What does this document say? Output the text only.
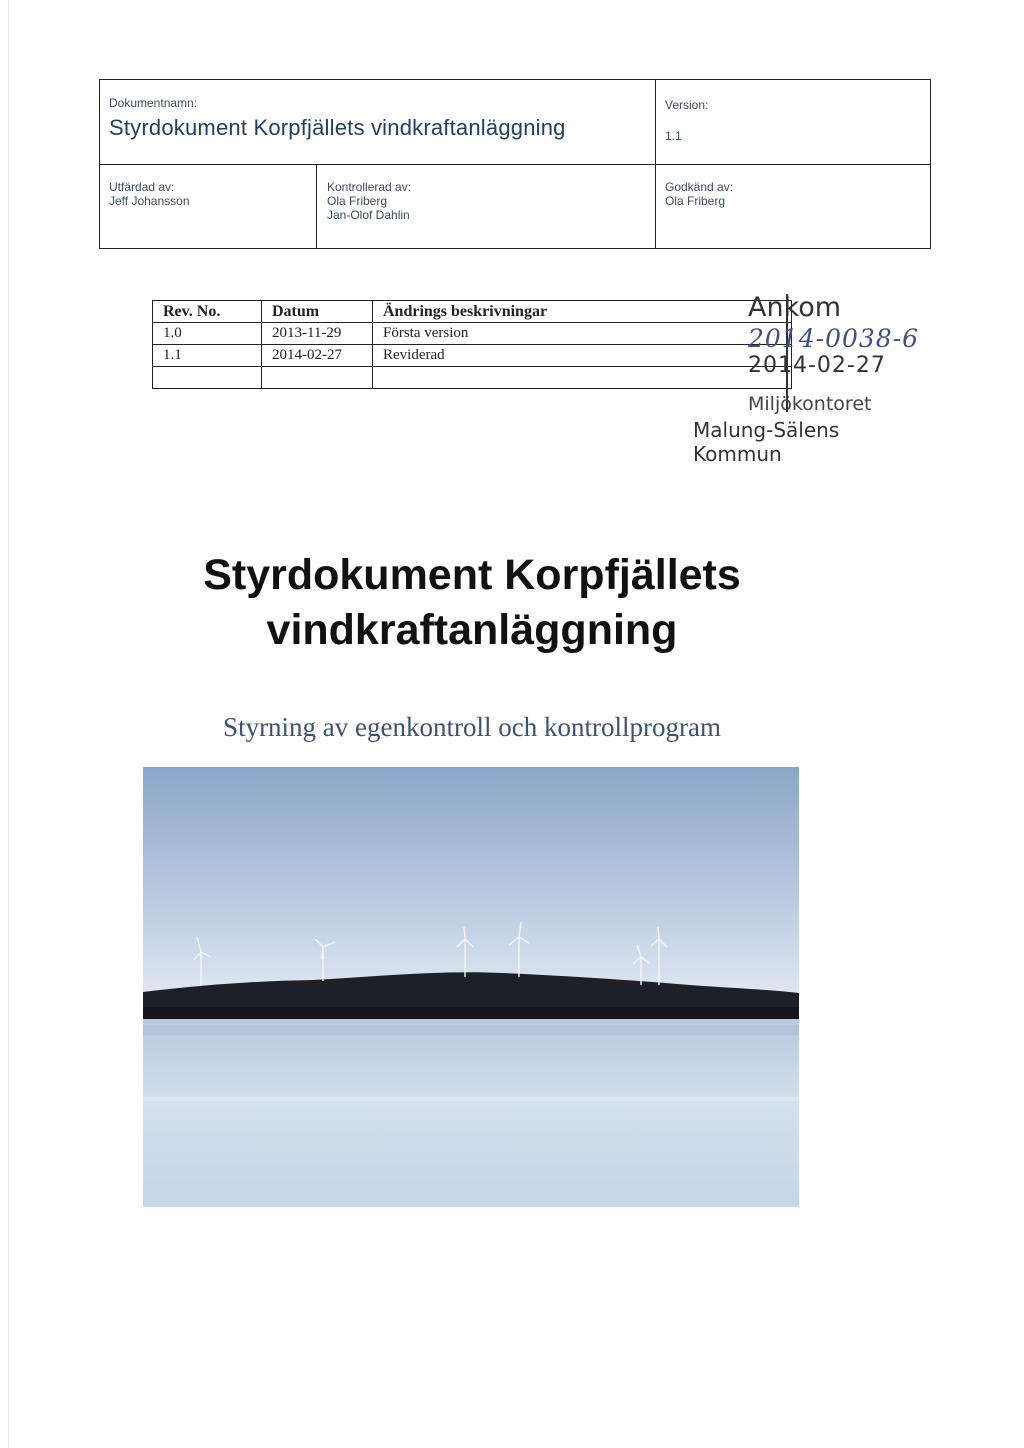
Dokumentnamn:
Styrdokument Korpfjällets vindkraftanläggning
Version:
1.1
Utfärdad av:
Jeff Johansson
Kontrollerad av:
Ola Friberg
Jan-Olof Dahlin
Godkänd av:
Ola Friberg
Rev. No.	Datum	Ändrings beskrivningar
1.0	2013-11-29	Första version
1.1	2014-02-27	Reviderad

Ankom
2014-0038-6
2014-02-27
Miljökontoret
Malung-Sälens Kommun
Styrdokument Korpfjällets
vindkraftanläggning
Styrning av egenkontroll och kontrollprogram
